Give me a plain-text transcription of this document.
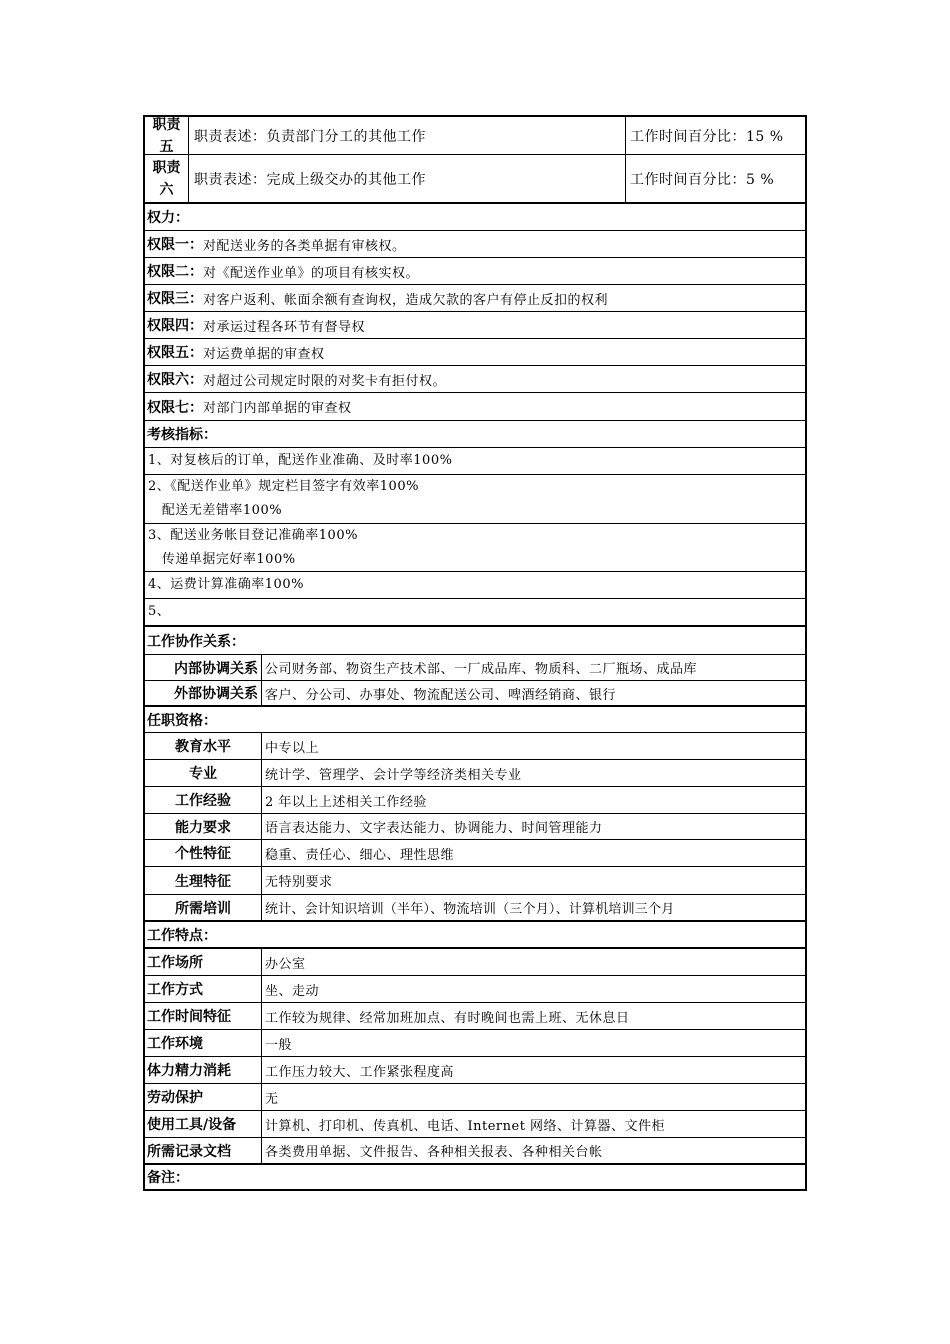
职责
五
职责表述：负责部门分工的其他工作	工作时间百分比：15 %
职责
六
职责表述：完成上级交办的其他工作	工作时间百分比：5 %
权力：
权限一： 对配送业务的各类单据有审核权。
权限二： 对《配送作业单》的项目有核实权。
权限三： 对客户返利、帐面余额有查询权，造成欠款的客户有停止反扣的权利
权限四： 对承运过程各环节有督导权
权限五： 对运费单据的审查权
权限六： 对超过公司规定时限的对奖卡有拒付权。
权限七： 对部门内部单据的审查权
考核指标：
1、对复核后的订单，配送作业准确、及时率100%
2、《配送作业单》规定栏目签字有效率100%
配送无差错率100%
3、配送业务帐目登记准确率100%
传递单据完好率100%
4、运费计算准确率100%
5、
工作协作关系：
内部协调关系 公司财务部、物资生产技术部、一厂成品库、物质科、二厂瓶场、成品库
外部协调关系 客户、分公司、办事处、物流配送公司、啤酒经销商、银行
任职资格：
教育水平	中专以上
专业	统计学、管理学、会计学等经济类相关专业
工作经验	2 年以上上述相关工作经验
能力要求	语言表达能力、文字表达能力、协调能力、时间管理能力
个性特征	稳重、责任心、细心、理性思维
生理特征	无特别要求
所需培训	统计、会计知识培训（半年）、物流培训（三个月）、计算机培训三个月
工作特点：
工作场所	办公室
工作方式	坐、走动
工作时间特征	工作较为规律、经常加班加点、有时晚间也需上班、无休息日
工作环境	一般
体力精力消耗	工作压力较大、工作紧张程度高
劳动保护	无
使用工具/设备	计算机、打印机、传真机、电话、Internet 网络、计算器、文件柜
所需记录文档	各类费用单据、文件报告、各种相关报表、各种相关台帐
备注：
